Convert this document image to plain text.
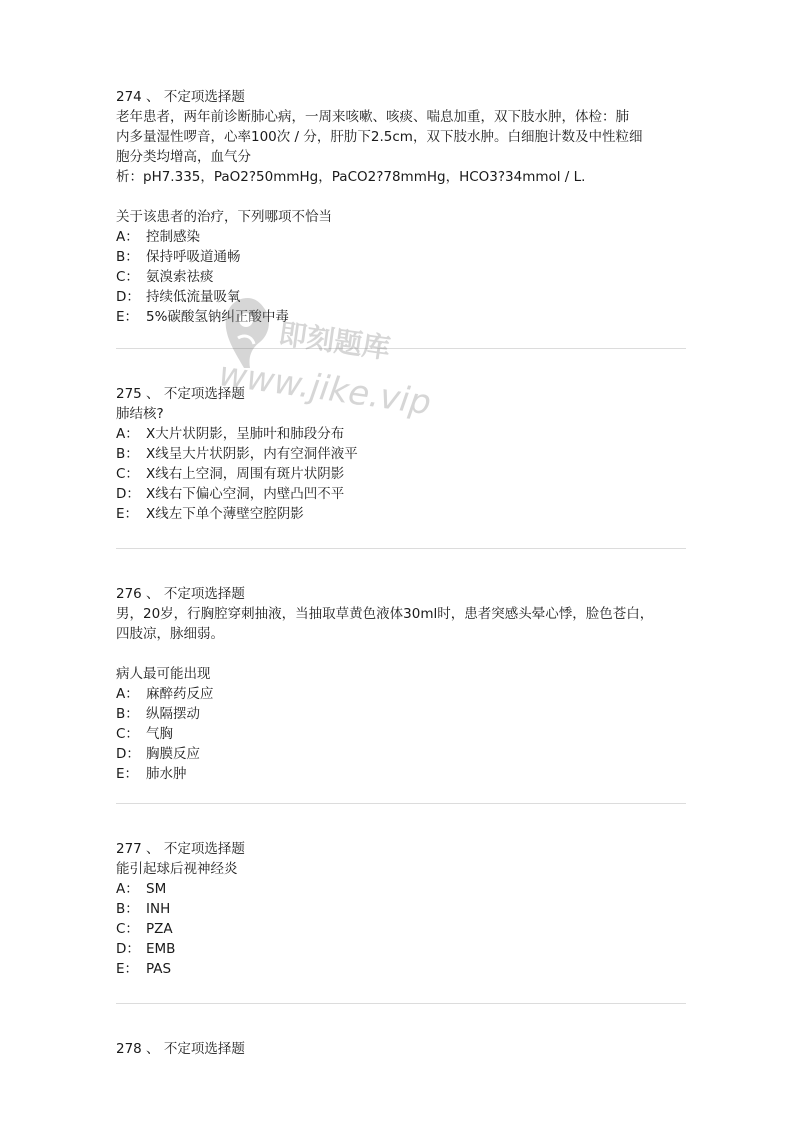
274 、 不定项选择题
老年患者，两年前诊断肺心病，一周来咳嗽、咳痰、喘息加重，双下肢水肿，体检：肺
内多量湿性啰音，心率100次 / 分，肝肋下2.5cm，双下肢水肿。白细胞计数及中性粒细
胞分类均增高，血气分
析：pH7.335，PaO2?50mmHg，PaCO2?78mmHg，HCO3?34mmol / L.
关于该患者的治疗，下列哪项不恰当
A： 控制感染
B： 保持呼吸道通畅
C： 氨溴索祛痰
D： 持续低流量吸氧
E： 5%碳酸氢钠纠正酸中毒
275 、 不定项选择题
肺结核?
A： X大片状阴影，呈肺叶和肺段分布
B： X线呈大片状阴影，内有空洞伴液平
C： X线右上空洞，周围有斑片状阴影
D： X线右下偏心空洞，内壁凸凹不平
E： X线左下单个薄壁空腔阴影
276 、 不定项选择题
男，20岁，行胸腔穿刺抽液，当抽取草黄色液体30ml时，患者突感头晕心悸，脸色苍白，
四肢凉，脉细弱。
病人最可能出现
A： 麻醉药反应
B： 纵隔摆动
C： 气胸
D： 胸膜反应
E： 肺水肿
277 、 不定项选择题
能引起球后视神经炎
A： SM
B： INH
C： PZA
D： EMB
E： PAS
278 、 不定项选择题
即刻题库
www.jike.vip
